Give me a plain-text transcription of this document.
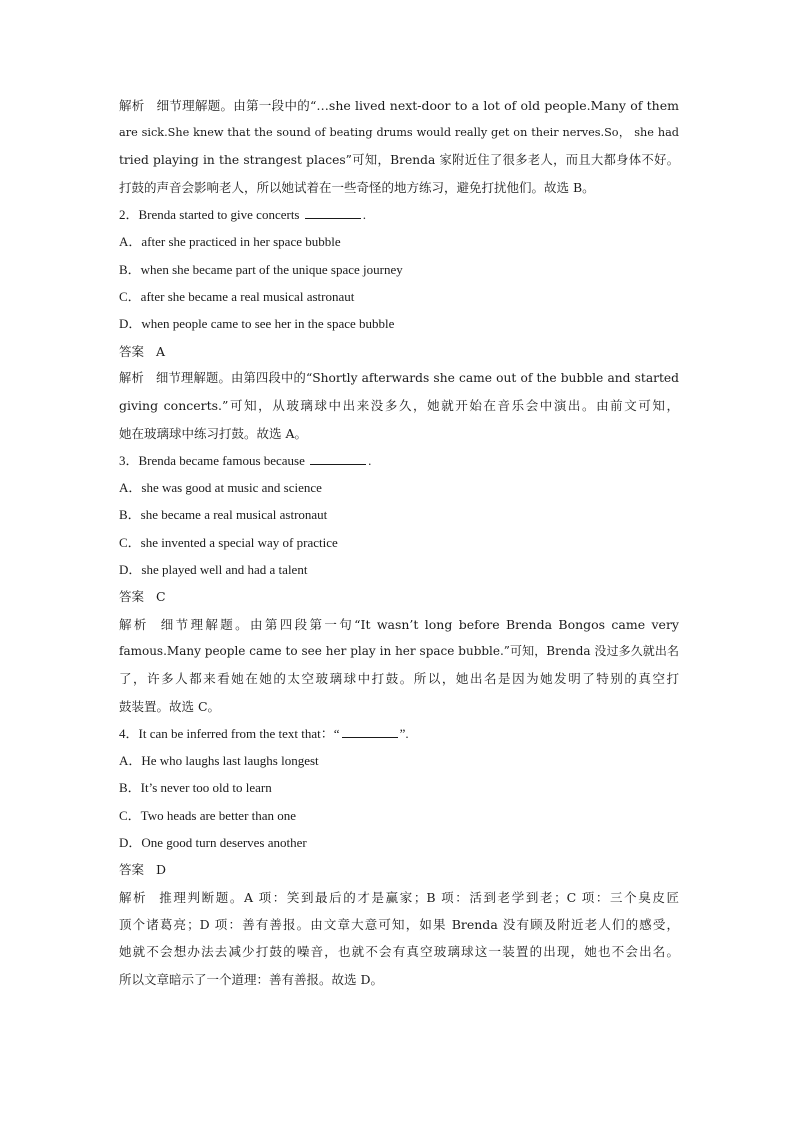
解析 细节理解题。由第一段中的“…she lived next-door to a lot of old people.Many of them
are sick.She knew that the sound of beating drums would really get on their nerves.So， she had
tried playing in the strangest places”可知，Brenda 家附近住了很多老人，而且大都身体不好。
打鼓的声音会影响老人，所以她试着在一些奇怪的地方练习，避免打扰他们。故选 B。
2．Brenda started to give concerts	.
A．after she practiced in her space bubble
B．when she became part of the unique space journey
C．after she became a real musical astronaut
D．when people came to see her in the space bubble
答案 A
解析 细节理解题。由第四段中的“Shortly afterwards she came out of the bubble and started
giving concerts.”可知，从玻璃球中出来没多久，她就开始在音乐会中演出。由前文可知，
她在玻璃球中练习打鼓。故选 A。
3．Brenda became famous because	.
A．she was good at music and science
B．she became a real musical astronaut
C．she invented a special way of practice
D．she played well and had a talent
答案 C
解析 细节理解题。由第四段第一句“It wasn’t long before Brenda Bongos came very
famous.Many people came to see her play in her space bubble.”可知，Brenda 没过多久就出名
了，许多人都来看她在她的太空玻璃球中打鼓。所以，她出名是因为她发明了特别的真空打
鼓装置。故选 C。
4．It can be inferred from the text that：“	”.
A．He who laughs last laughs longest
B．It’s never too old to learn
C．Two heads are better than one
D．One good turn deserves another
答案 D
解析 推理判断题。A 项：笑到最后的才是赢家；B 项：活到老学到老；C 项：三个臭皮匠
顶个诸葛亮；D 项：善有善报。由文章大意可知，如果 Brenda 没有顾及附近老人们的感受，
她就不会想办法去减少打鼓的噪音，也就不会有真空玻璃球这一装置的出现，她也不会出名。
所以文章暗示了一个道理：善有善报。故选 D。
